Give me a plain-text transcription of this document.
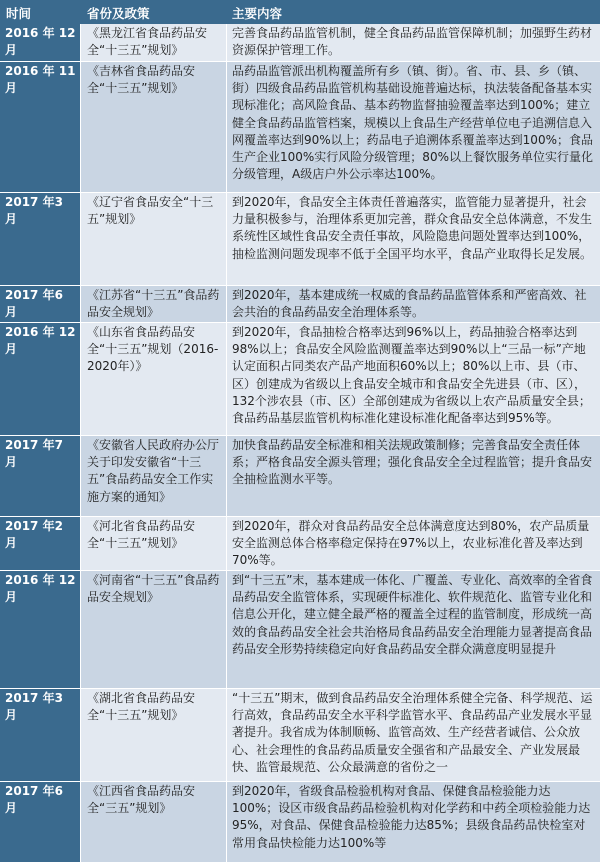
时间	省份及政策	主要内容
2016 年 12月
《黑龙江省食品药品安全“十三五”规划》
完善食品药品监管机制，健全食品药品监管保障机制；加强野生药材资源保护管理工作。
2016 年 11月
《吉林省食品药品安全“十三五”规划》
品药品监管派出机构覆盖所有乡（镇、街）。省、市、县、乡（镇、街）四级食品药品监管机构基础设施普遍达标，执法装备配备基本实现标准化；高风险食品、基本药物监督抽验覆盖率达到100%；建立健全食品药品监管档案，规模以上食品生产经营单位电子追溯信息入网覆盖率达到90%以上；药品电子追溯体系覆盖率达到100%；食品生产企业100%实行风险分级管理；80%以上餐饮服务单位实行量化分级管理，A级店户外公示率达100%。
2017 年3 月
《辽宁省食品安全“十三五”规划》
到2020年，食品安全主体责任普遍落实，监管能力显著提升，社会力量积极参与，治理体系更加完善，群众食品安全总体满意，不发生系统性区域性食品安全责任事故，风险隐患问题处置率达到100%，抽检监测问题发现率不低于全国平均水平，食品产业取得长足发展。
2017 年6 月
《江苏省“十三五”食品药品安全规划》
到2020年，基本建成统一权威的食品药品监管体系和严密高效、社会共治的食品药品安全治理体系等。
2016 年 12月
《山东省食品药品安全“十三五”规划（2016-2020年）》
到2020年，食品抽检合格率达到96%以上，药品抽验合格率达到98%以上；食品安全风险监测覆盖率达到90%以上“三品一标”产地认定面积占同类农产品产地面积60%以上；80%以上市、县（市、区）创建成为省级以上食品安全城市和食品安全先进县（市、区），132个涉农县（市、区）全部创建成为省级以上农产品质量安全县；食品药品基层监管机构标准化建设标准化配备率达到95%等。
2017 年7 月
《安徽省人民政府办公厅关于印发安徽省“十三五”食品药品安全工作实施方案的通知》
加快食品药品安全标准和相关法规政策制修；完善食品安全责任体系；严格食品安全源头管理；强化食品安全全过程监管；提升食品安全抽检监测水平等。
2017 年2 月
《河北省食品药品安全“十三五”规划》
到2020年，群众对食品药品安全总体满意度达到80%，农产品质量安全监测总体合格率稳定保持在97%以上，农业标准化普及率达到70%等。
2016 年 12月
《河南省“十三五”食品药品安全规划》
到“十三五”末，基本建成一体化、广覆盖、专业化、高效率的全省食品药品安全监管体系，实现硬件标准化、软件规范化、监管专业化和信息公开化，建立健全最严格的覆盖全过程的监管制度，形成统一高效的食品药品安全社会共治格局食品药品安全治理能力显著提高食品药品安全形势持续稳定向好食品药品安全群众满意度明显提升
2017 年3 月
《湖北省食品药品安全“十三五”规划》
“十三五”期末，做到食品药品安全治理体系健全完备、科学规范、运行高效，食品药品安全水平科学监管水平、食品药品产业发展水平显著提升。我省成为体制顺畅、监管高效、生产经营者诚信、公众放心、社会理性的食品药品质量安全强省和产品最安全、产业发展最快、监管最规范、公众最满意的省份之一
2017 年6 月
《江西省食品药品安全“三五”规划》
到2020年，省级食品检验机构对食品、保健食品检验能力达100%；设区市级食品药品检验机构对化学药和中药全项检验能力达95%，对食品、保健食品检验能力达85%；县级食品药品快检室对常用食品快检能力达100%等
